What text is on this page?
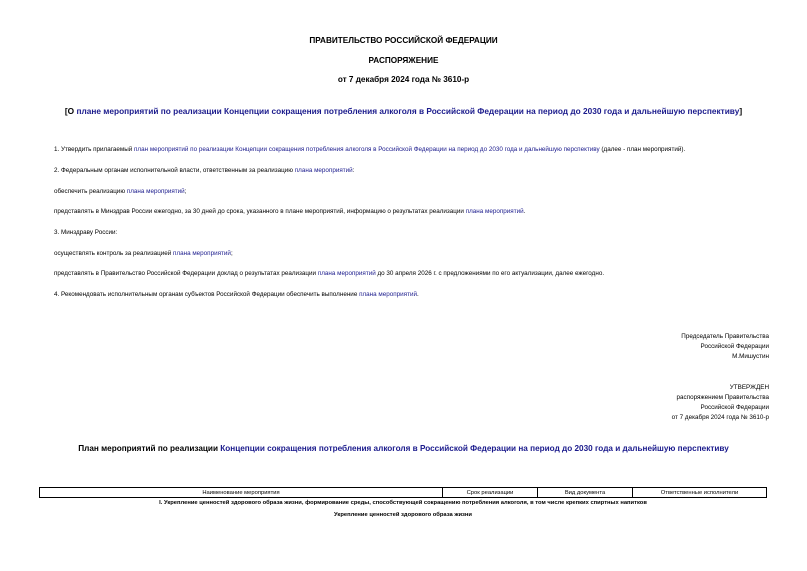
ПРАВИТЕЛЬСТВО РОССИЙСКОЙ ФЕДЕРАЦИИ
РАСПОРЯЖЕНИЕ
от 7 декабря 2024 года № 3610-р
[О плане мероприятий по реализации Концепции сокращения потребления алкоголя в Российской Федерации на период до 2030 года и дальнейшую перспективу]
1. Утвердить прилагаемый план мероприятий по реализации Концепции сокращения потребления алкоголя в Российской Федерации на период до 2030 года и дальнейшую перспективу (далее - план мероприятий).
2. Федеральным органам исполнительной власти, ответственным за реализацию плана мероприятий:
обеспечить реализацию плана мероприятий;
представлять в Минздрав России ежегодно, за 30 дней до срока, указанного в плане мероприятий, информацию о результатах реализации плана мероприятий.
3. Минздраву России:
осуществлять контроль за реализацией плана мероприятий;
представлять в Правительство Российской Федерации доклад о результатах реализации плана мероприятий до 30 апреля 2026 г. с предложениями по его актуализации, далее ежегодно.
4. Рекомендовать исполнительным органам субъектов Российской Федерации обеспечить выполнение плана мероприятий.
Председатель Правительства
Российской Федерации
М.Мишустин
УТВЕРЖДЕН
распоряжением Правительства
Российской Федерации
от 7 декабря 2024 года № 3610-р
План мероприятий по реализации Концепции сокращения потребления алкоголя в Российской Федерации на период до 2030 года и дальнейшую перспективу
Наименование мероприятия	Срок реализации	Вид документа	Ответственные исполнители
I. Укрепление ценностей здорового образа жизни, формирование среды, способствующей сокращению потребления алкоголя, в том числе крепких спиртных напитков
Укрепление ценностей здорового образа жизни
